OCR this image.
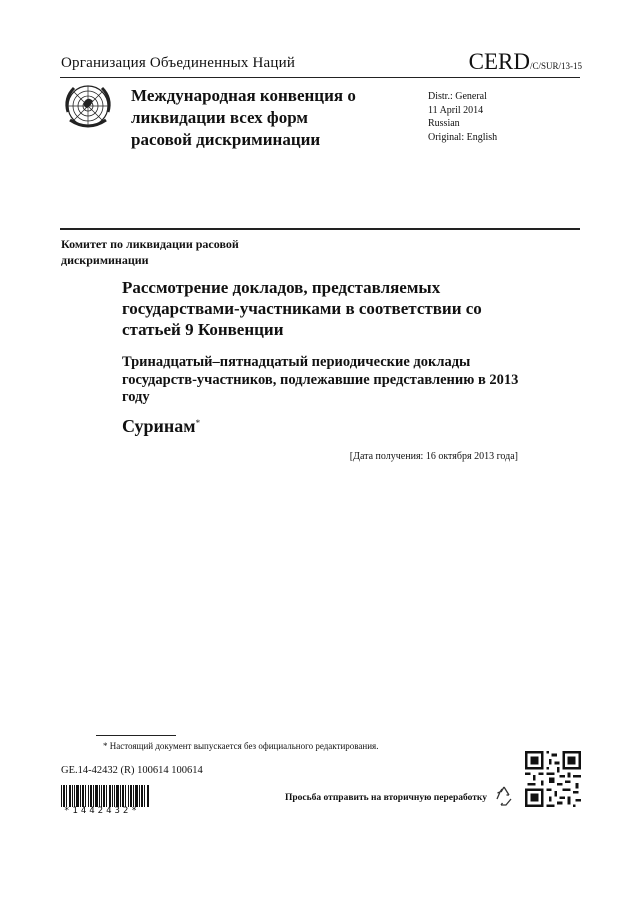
Организация Объединенных Наций	CERD/C/SUR/13-15
Международная конвенция о ликвидации всех форм расовой дискриминации
Distr.: General
11 April 2014
Russian
Original: English
Комитет по ликвидации расовой дискриминации
Рассмотрение докладов, представляемых государствами-участниками в соответствии со статьей 9 Конвенции
Тринадцатый–пятнадцатый периодические доклады государств-участников, подлежавшие представлению в 2013 году
Суринам*
[Дата получения: 16 октября 2013 года]
* Настоящий документ выпускается без официального редактирования.
GE.14-42432 (R) 100614 100614
*1442432*
Просьба отправить на вторичную переработку
